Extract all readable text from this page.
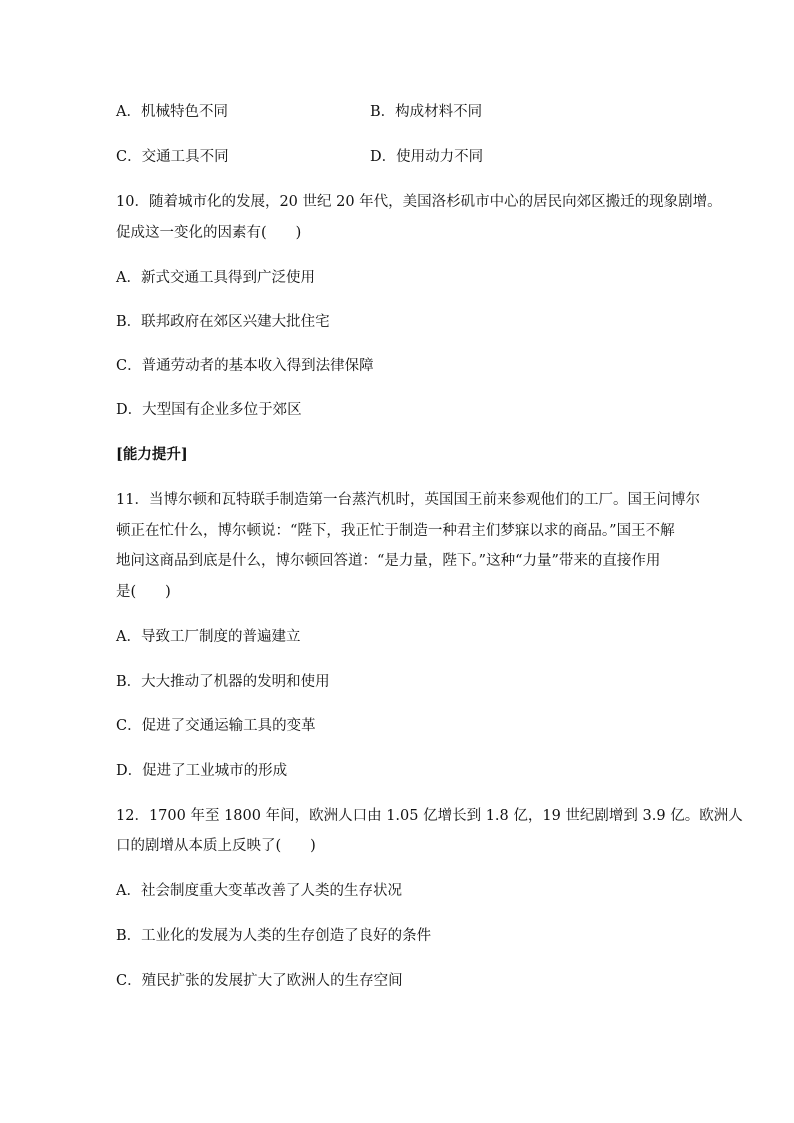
A．机械特色不同	B．构成材料不同

C．交通工具不同	D．使用动力不同

10．随着城市化的发展，20 世纪 20 年代，美国洛杉矶市中心的居民向郊区搬迁的现象剧增。

促成这一变化的因素有(　　)

A．新式交通工具得到广泛使用

B．联邦政府在郊区兴建大批住宅

C．普通劳动者的基本收入得到法律保障

D．大型国有企业多位于郊区

[能力提升]

11．当博尔顿和瓦特联手制造第一台蒸汽机时，英国国王前来参观他们的工厂。国王问博尔

顿正在忙什么，博尔顿说：“陛下，我正忙于制造一种君主们梦寐以求的商品。”国王不解

地问这商品到底是什么，博尔顿回答道：“是力量，陛下。”这种“力量”带来的直接作用

是(　　)

A．导致工厂制度的普遍建立

B．大大推动了机器的发明和使用

C．促进了交通运输工具的变革

D．促进了工业城市的形成

12．1700 年至 1800 年间，欧洲人口由 1.05 亿增长到 1.8 亿，19 世纪剧增到 3.9 亿。欧洲人

口的剧增从本质上反映了(　　)

A．社会制度重大变革改善了人类的生存状况

B．工业化的发展为人类的生存创造了良好的条件

C．殖民扩张的发展扩大了欧洲人的生存空间
